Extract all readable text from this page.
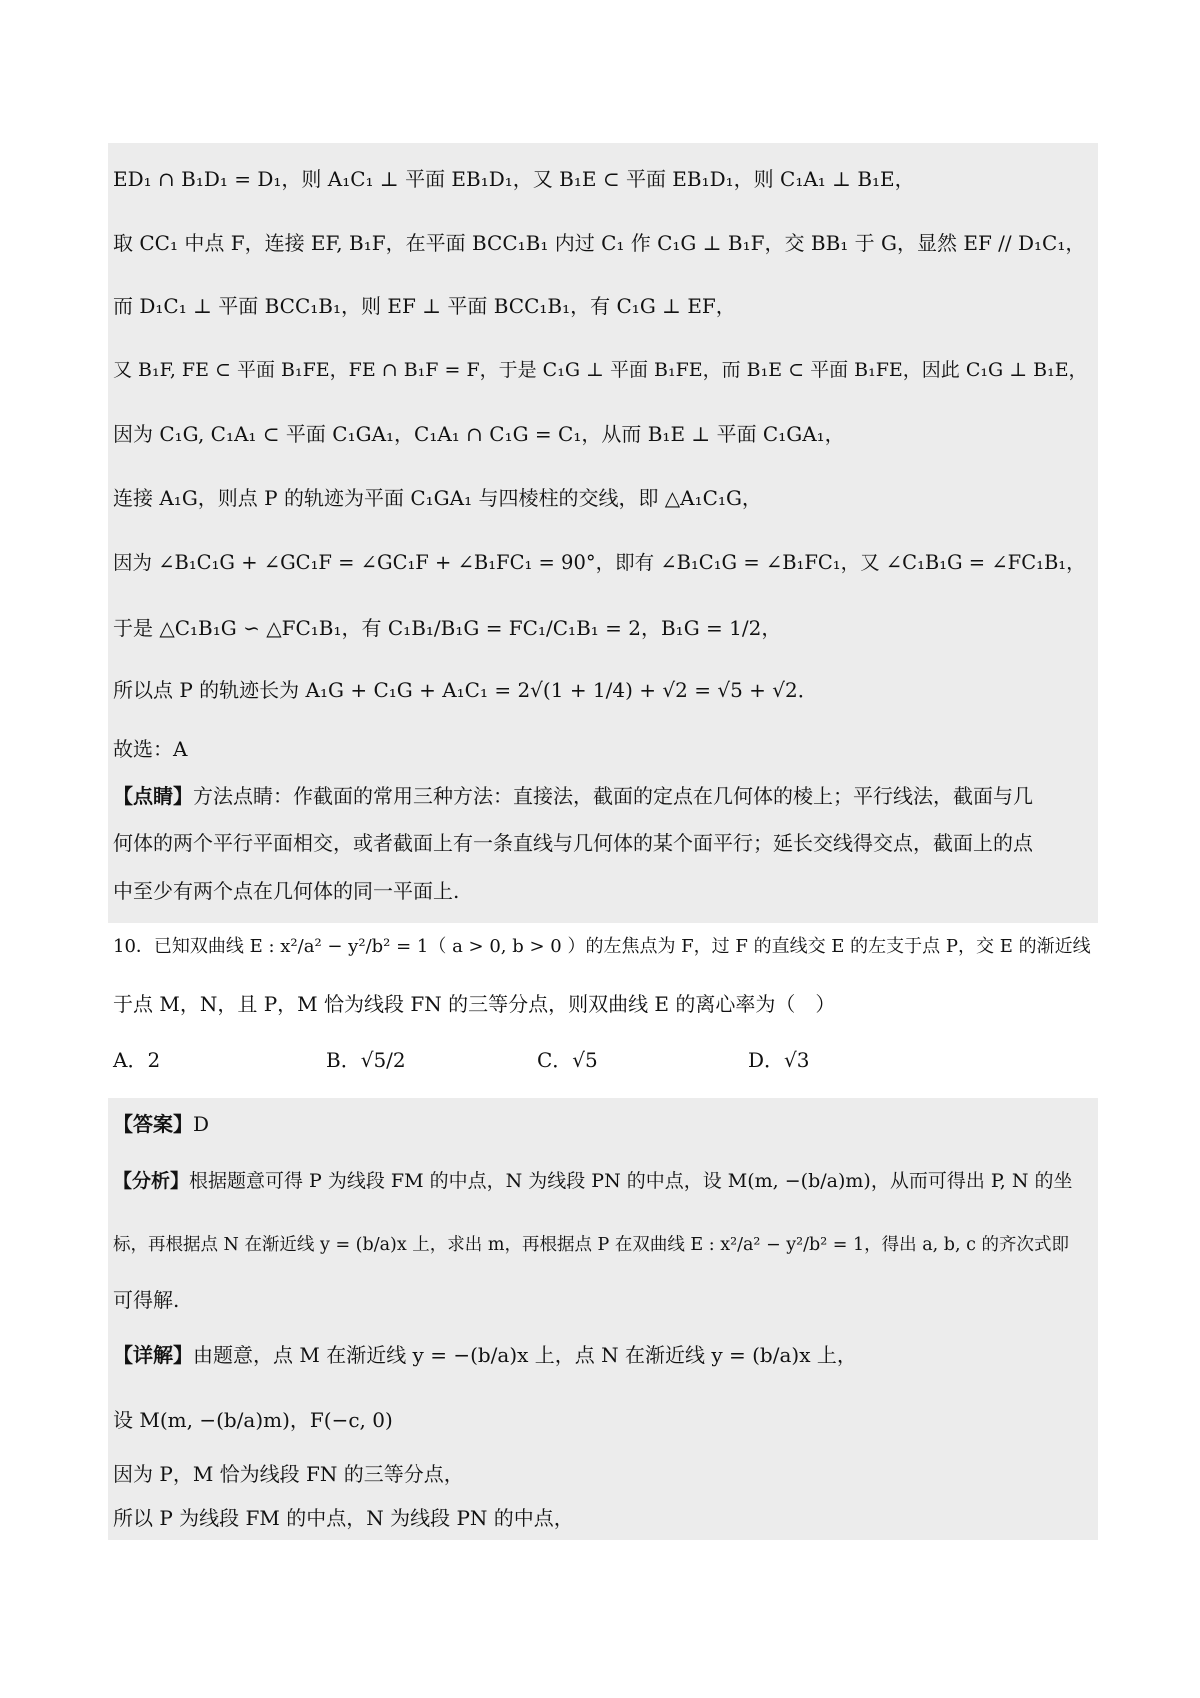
ED₁ ∩ B₁D₁ = D₁，则 A₁C₁ ⊥ 平面 EB₁D₁，又 B₁E ⊂ 平面 EB₁D₁，则 C₁A₁ ⊥ B₁E，
取 CC₁ 中点 F，连接 EF, B₁F，在平面 BCC₁B₁ 内过 C₁ 作 C₁G ⊥ B₁F，交 BB₁ 于 G，显然 EF // D₁C₁，
而 D₁C₁ ⊥ 平面 BCC₁B₁，则 EF ⊥ 平面 BCC₁B₁，有 C₁G ⊥ EF，
又 B₁F, FE ⊂ 平面 B₁FE，FE ∩ B₁F = F，于是 C₁G ⊥ 平面 B₁FE，而 B₁E ⊂ 平面 B₁FE，因此 C₁G ⊥ B₁E，
因为 C₁G, C₁A₁ ⊂ 平面 C₁GA₁，C₁A₁ ∩ C₁G = C₁，从而 B₁E ⊥ 平面 C₁GA₁，
连接 A₁G，则点 P 的轨迹为平面 C₁GA₁ 与四棱柱的交线，即 △A₁C₁G，
因为 ∠B₁C₁G + ∠GC₁F = ∠GC₁F + ∠B₁FC₁ = 90°，即有 ∠B₁C₁G = ∠B₁FC₁，又 ∠C₁B₁G = ∠FC₁B₁，
于是 △C₁B₁G ∽ △FC₁B₁，有 C₁B₁/B₁G = FC₁/C₁B₁ = 2，B₁G = 1/2，
所以点 P 的轨迹长为 A₁G + C₁G + A₁C₁ = 2√(1 + 1/4) + √2 = √5 + √2．
故选：A
【点睛】方法点睛：作截面的常用三种方法：直接法，截面的定点在几何体的棱上；平行线法，截面与几
何体的两个平行平面相交，或者截面上有一条直线与几何体的某个面平行；延长交线得交点，截面上的点
中至少有两个点在几何体的同一平面上.
10．已知双曲线 E : x²/a² − y²/b² = 1（ a > 0, b > 0 ）的左焦点为 F，过 F 的直线交 E 的左支于点 P，交 E 的渐近线
于点 M，N，且 P，M 恰为线段 FN 的三等分点，则双曲线 E 的离心率为（　）
A．2	B．√5/2	C．√5	D．√3
【答案】D
【分析】根据题意可得 P 为线段 FM 的中点，N 为线段 PN 的中点，设 M(m, −(b/a)m)，从而可得出 P, N 的坐
标，再根据点 N 在渐近线 y = (b/a)x 上，求出 m，再根据点 P 在双曲线 E : x²/a² − y²/b² = 1，得出 a, b, c 的齐次式即
可得解.
【详解】由题意，点 M 在渐近线 y = −(b/a)x 上，点 N 在渐近线 y = (b/a)x 上，
设 M(m, −(b/a)m)，F(−c, 0)
因为 P，M 恰为线段 FN 的三等分点，
所以 P 为线段 FM 的中点，N 为线段 PN 的中点，
